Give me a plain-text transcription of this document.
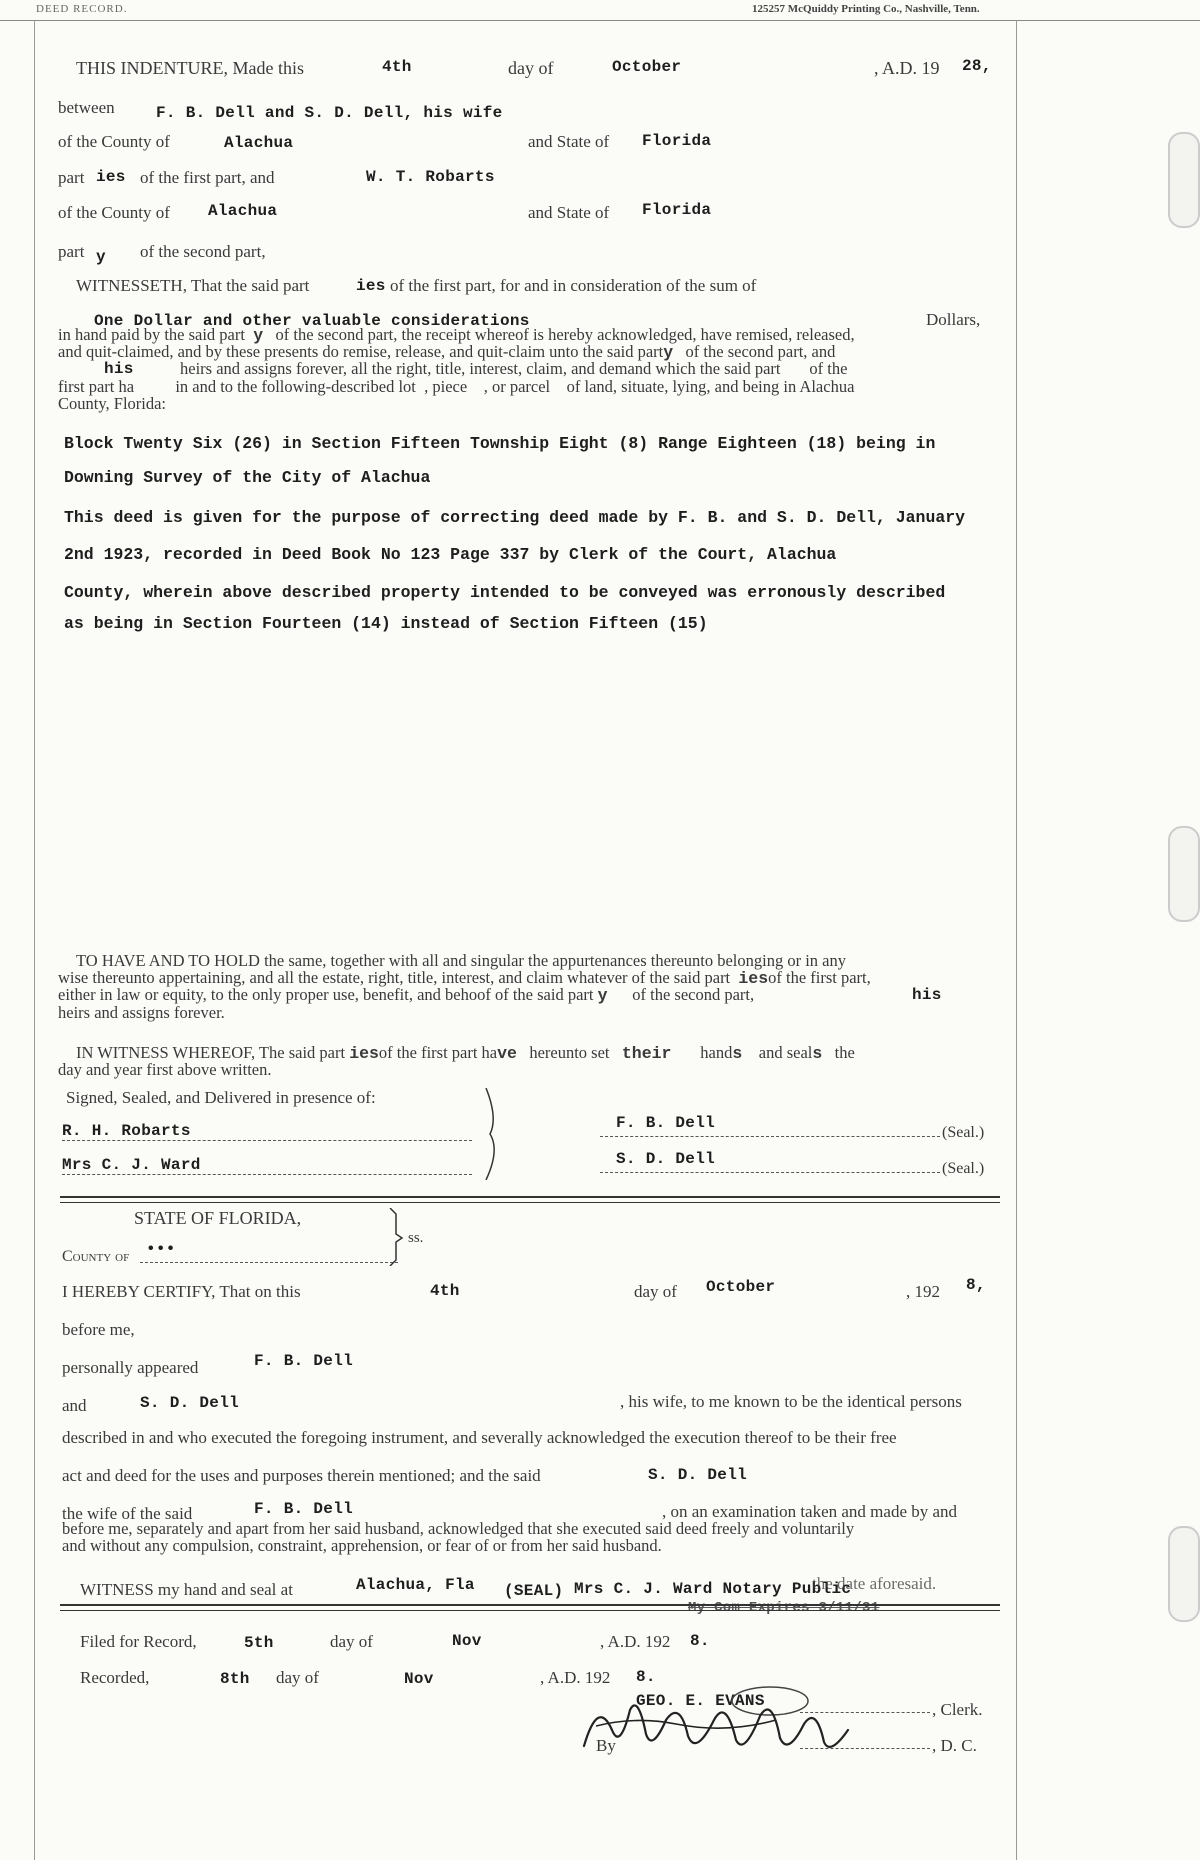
DEED RECORD.	125257 McQuiddy Printing Co., Nashville, Tenn.
THIS INDENTURE, Made this	4th	day of	October	, A.D. 19 28,
between	F. B. Dell and S. D. Dell, his wife
of the County of	Alachua	and State of Florida
part ies of the first part, and	W. T. Robarts
of the County of Alachua	and State of Florida
part y of the second part,
WITNESSETH, That the said part	ies of the first part, for and in consideration of the sum of
One Dollar and other valuable considerations	Dollars,
in hand paid by the said part y of the second part, the receipt whereof is hereby acknowledged, have remised, released,
and quit-claimed, and by these presents do remise, release, and quit-claim unto the said party of the second part, and
his	heirs and assigns forever, all the right, title, interest, claim, and demand which the said part of the
first part ha	in and to the following-described lot , piece , or parcel of land, situate, lying, and being in Alachua
County, Florida:
Block Twenty Six (26) in Section Fifteen Township Eight (8) Range Eighteen (18) being in
Downing Survey of the City of Alachua
This deed is given for the purpose of correcting deed made by F. B. and S. D. Dell, January
2nd 1923, recorded in Deed Book No 123 Page 337 by Clerk of the Court, Alachua
County, wherein above described property intended to be conveyed was erronously described
as being in Section Fourteen (14) instead of Section Fifteen (15)
TO HAVE AND TO HOLD the same, together with all and singular the appurtenances thereunto belonging or in any
wise thereunto appertaining, and all the estate, right, title, interest, and claim whatever of the said part iesof the first part,
either in law or equity, to the only proper use, benefit, and behoof of the said part y of the second part,	his
heirs and assigns forever.
IN WITNESS WHEREOF, The said part iesof the first part have hereunto set their hands and seals the
day and year first above written.
Signed, Sealed, and Delivered in presence of:
R. H. Robarts
Mrs C. J. Ward
F. B. Dell
(Seal.)
S. D. Dell
(Seal.)
STATE OF FLORIDA,
County of •••
ss.
I HEREBY CERTIFY, That on this	4th	day of October	, 192 8,
before me,
personally appeared	F. B. Dell
and	S. D. Dell	, his wife, to me known to be the identical persons
described in and who executed the foregoing instrument, and severally acknowledged the execution thereof to be their free
act and deed for the uses and purposes therein mentioned; and the said	S. D. Dell
the wife of the said	F. B. Dell	, on an examination taken and made by and
before me, separately and apart from her said husband, acknowledged that she executed said deed freely and voluntarily
and without any compulsion, constraint, apprehension, or fear of or from her said husband.
WITNESS my hand and seal at	Alachua, Fla (SEAL) Mrs C. J. Ward Notary Public
the date aforesaid.
My Com Expires 3/11/31
Filed for Record,	5th	day of	Nov	, A.D. 192 8.
Recorded,	8th day of	Nov	, A.D. 192 8.
GEO. E. EVANS	, Clerk.
By	, D. C.
